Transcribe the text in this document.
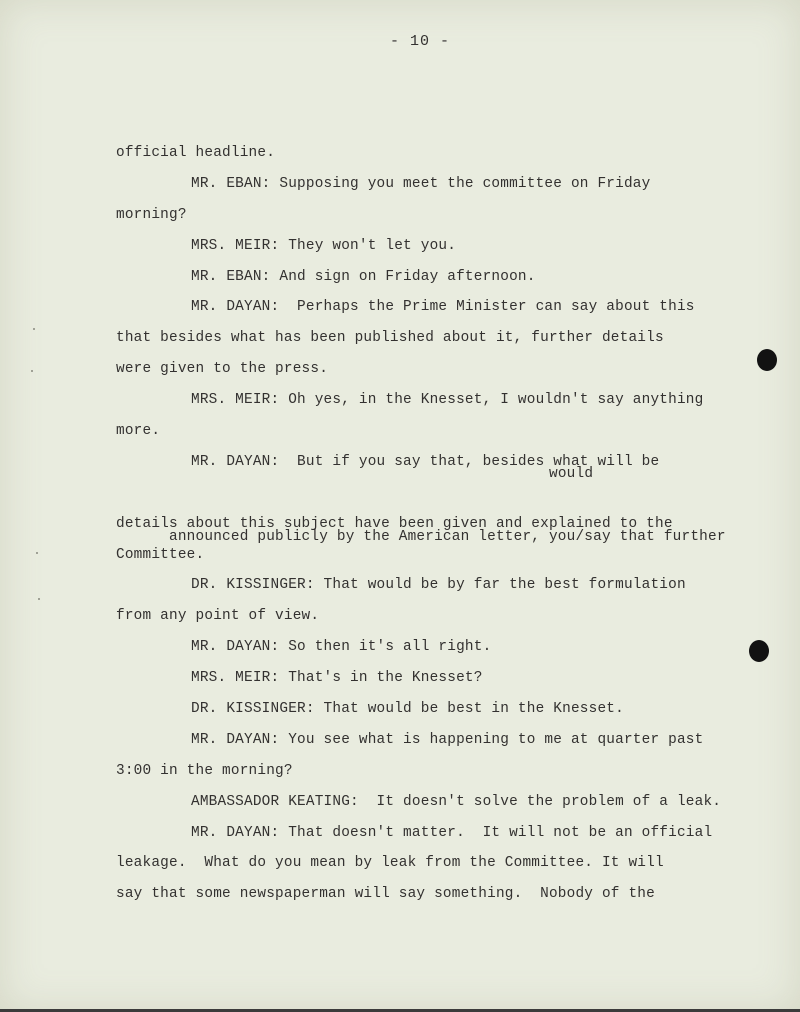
- 10 -
official headline.
MR. EBAN: Supposing you meet the committee on Friday
morning?
MRS. MEIR: They won't let you.
MR. EBAN: And sign on Friday afternoon.
MR. DAYAN:  Perhaps the Prime Minister can say about this
that besides what has been published about it, further details
were given to the press.
MRS. MEIR: Oh yes, in the Knesset, I wouldn't say anything
more.
MR. DAYAN:  But if you say that, besides what will be

would

announced publicly by the American letter, you/say that further

details about this subject have been given and explained to the
Committee.
DR. KISSINGER: That would be by far the best formulation
from any point of view.
MR. DAYAN: So then it's all right.
MRS. MEIR: That's in the Knesset?
DR. KISSINGER: That would be best in the Knesset.
MR. DAYAN: You see what is happening to me at quarter past
3:00 in the morning?
AMBASSADOR KEATING:  It doesn't solve the problem of a leak.
MR. DAYAN: That doesn't matter.  It will not be an official
leakage.  What do you mean by leak from the Committee. It will
say that some newspaperman will say something.  Nobody of the
